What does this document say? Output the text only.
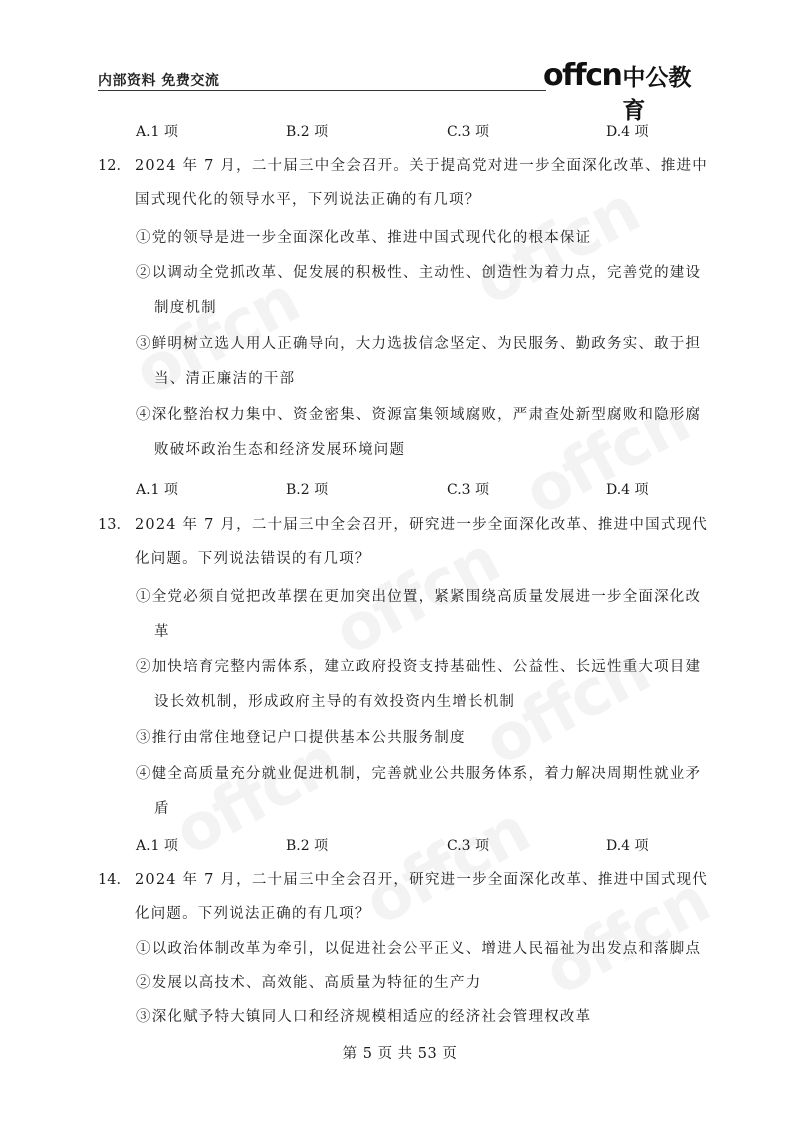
内部资料 免费交流	offcn 中公教育
A.1 项	B.2 项	C.3 项	D.4 项
12． 2024 年 7 月，二十届三中全会召开。关于提高党对进一步全面深化改革、推进中国式现代化的领导水平，下列说法正确的有几项？
①党的领导是进一步全面深化改革、推进中国式现代化的根本保证
②以调动全党抓改革、促发展的积极性、主动性、创造性为着力点，完善党的建设制度机制
③鲜明树立选人用人正确导向，大力选拔信念坚定、为民服务、勤政务实、敢于担当、清正廉洁的干部
④深化整治权力集中、资金密集、资源富集领域腐败，严肃查处新型腐败和隐形腐败破坏政治生态和经济发展环境问题
A.1 项	B.2 项	C.3 项	D.4 项
13． 2024 年 7 月，二十届三中全会召开，研究进一步全面深化改革、推进中国式现代化问题。下列说法错误的有几项？
①全党必须自觉把改革摆在更加突出位置，紧紧围绕高质量发展进一步全面深化改革
②加快培育完整内需体系，建立政府投资支持基础性、公益性、长远性重大项目建设长效机制，形成政府主导的有效投资内生增长机制
③推行由常住地登记户口提供基本公共服务制度
④健全高质量充分就业促进机制，完善就业公共服务体系，着力解决周期性就业矛盾
A.1 项	B.2 项	C.3 项	D.4 项
14． 2024 年 7 月，二十届三中全会召开，研究进一步全面深化改革、推进中国式现代化问题。下列说法正确的有几项？
①以政治体制改革为牵引，以促进社会公平正义、增进人民福祉为出发点和落脚点
②发展以高技术、高效能、高质量为特征的生产力
③深化赋予特大镇同人口和经济规模相适应的经济社会管理权改革
第 5 页 共 53 页
